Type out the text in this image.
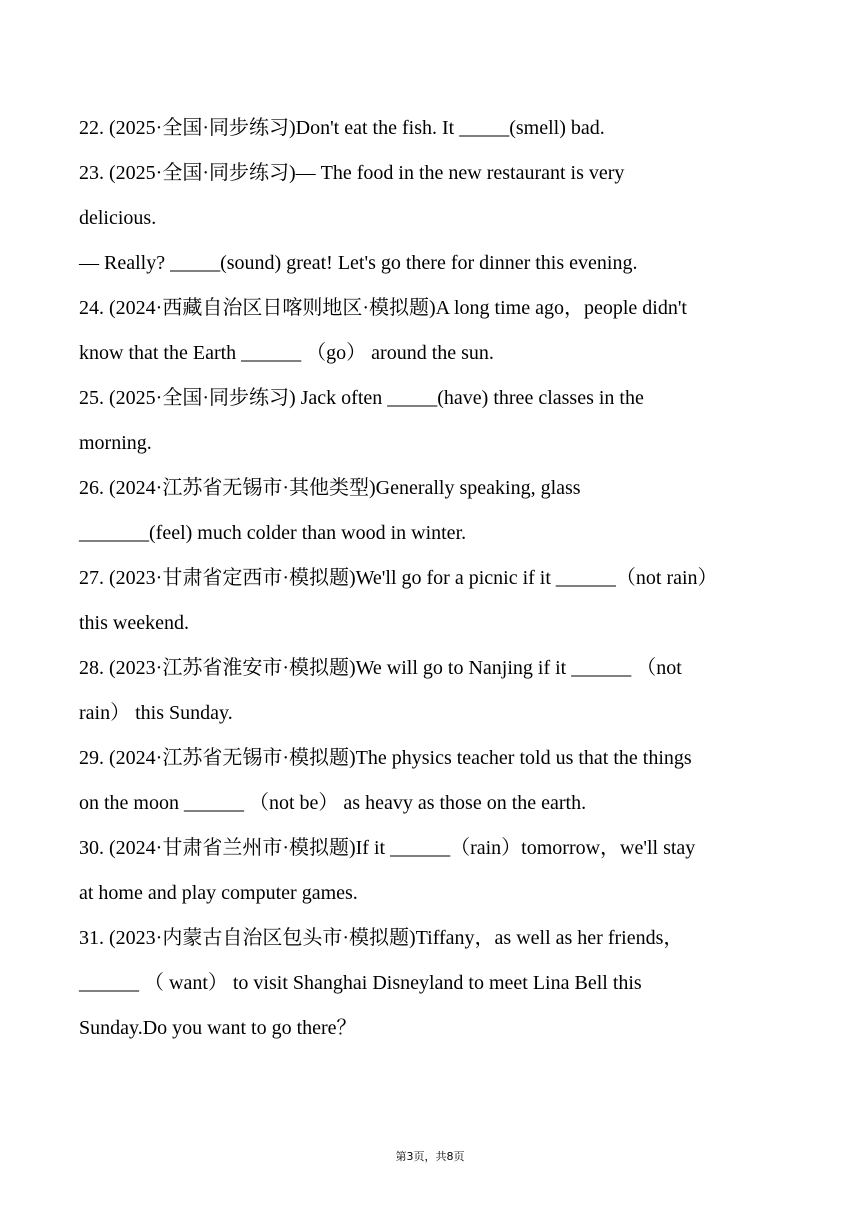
22. (2025·全国·同步练习)Don't eat the fish. It _____(smell) bad.
23. (2025·全国·同步练习)— The food in the new restaurant is very
delicious.
— Really? _____(sound) great! Let's go there for dinner this evening.
24. (2024·西藏自治区日喀则地区·模拟题)A long time ago，people didn't
know that the Earth ______ （go） around the sun.
25. (2025·全国·同步练习) Jack often _____(have) three classes in the
morning.
26. (2024·江苏省无锡市·其他类型)Generally speaking, glass
_______(feel) much colder than wood in winter.
27. (2023·甘肃省定西市·模拟题)We'll go for a picnic if it ______（not rain）
this weekend.
28. (2023·江苏省淮安市·模拟题)We will go to Nanjing if it ______ （not
rain） this Sunday.
29. (2024·江苏省无锡市·模拟题)The physics teacher told us that the things
on the moon ______ （not be） as heavy as those on the earth.
30. (2024·甘肃省兰州市·模拟题)If it ______（rain）tomorrow，we'll stay
at home and play computer games.
31. (2023·内蒙古自治区包头市·模拟题)Tiffany，as well as her friends，
______ （ want） to visit Shanghai Disneyland to meet Lina Bell this
Sunday.Do you want to go there？
第3页，共8页
